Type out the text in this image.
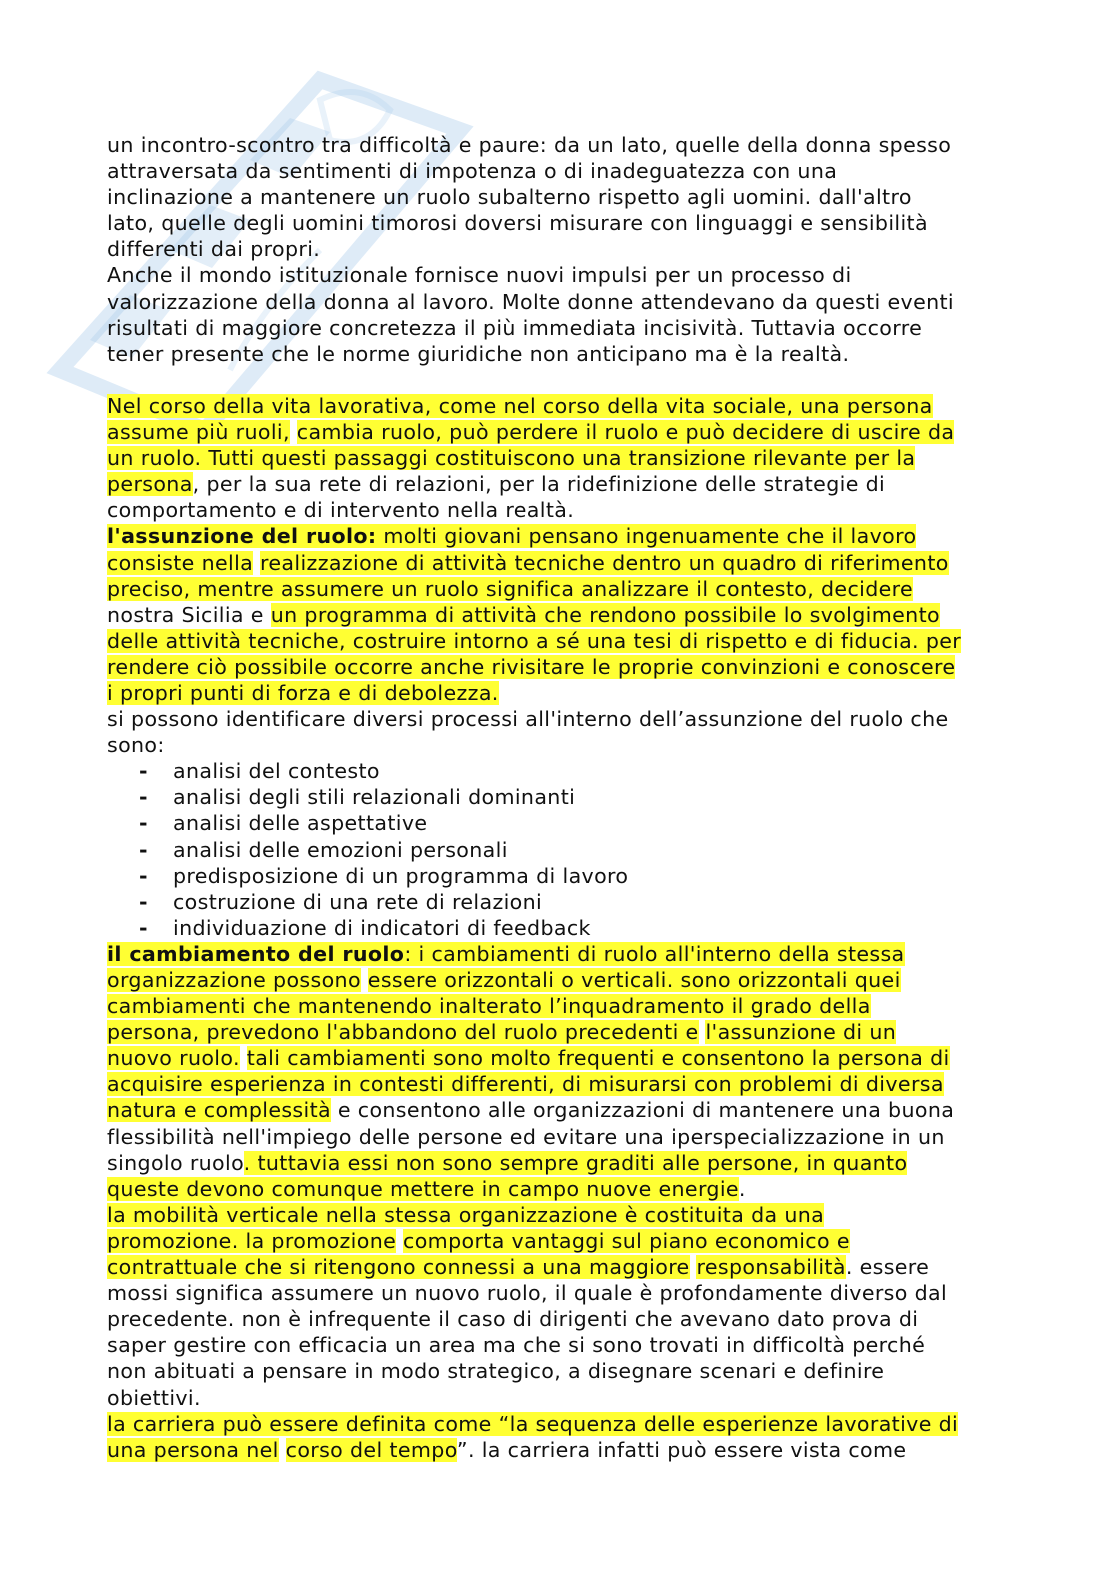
un incontro-scontro tra difficoltà e paure: da un lato, quelle della donna spesso

attraversata da sentimenti di impotenza o di inadeguatezza con una

inclinazione a mantenere un ruolo subalterno rispetto agli uomini. dall'altro

lato, quelle degli uomini timorosi doversi misurare con linguaggi e sensibilità

differenti dai propri.

Anche il mondo istituzionale fornisce nuovi impulsi per un processo di

valorizzazione della donna al lavoro. Molte donne attendevano da questi eventi

risultati di maggiore concretezza il più immediata incisività. Tuttavia occorre

tener presente che le norme giuridiche non anticipano ma è la realtà.

Nel corso della vita lavorativa, come nel corso della vita sociale, una persona

assume più ruoli, cambia ruolo, può perdere il ruolo e può decidere di uscire da

un ruolo. Tutti questi passaggi costituiscono una transizione rilevante per la

persona, per la sua rete di relazioni, per la ridefinizione delle strategie di

comportamento e di intervento nella realtà.

l'assunzione del ruolo: molti giovani pensano ingenuamente che il lavoro

consiste nella realizzazione di attività tecniche dentro un quadro di riferimento

preciso, mentre assumere un ruolo significa analizzare il contesto, decidere

nostra Sicilia e un programma di attività che rendono possibile lo svolgimento

delle attività tecniche, costruire intorno a sé una tesi di rispetto e di fiducia. per

rendere ciò possibile occorre anche rivisitare le proprie convinzioni e conoscere

i propri punti di forza e di debolezza.

si possono identificare diversi processi all'interno dell’assunzione del ruolo che

sono:

- analisi del contesto
- analisi degli stili relazionali dominanti
- analisi delle aspettative
- analisi delle emozioni personali
- predisposizione di un programma di lavoro
- costruzione di una rete di relazioni
- individuazione di indicatori di feedback

il cambiamento del ruolo: i cambiamenti di ruolo all'interno della stessa

organizzazione possono essere orizzontali o verticali. sono orizzontali quei

cambiamenti che mantenendo inalterato l’inquadramento il grado della

persona, prevedono l'abbandono del ruolo precedenti e l'assunzione di un

nuovo ruolo. tali cambiamenti sono molto frequenti e consentono la persona di

acquisire esperienza in contesti differenti, di misurarsi con problemi di diversa

natura e complessità e consentono alle organizzazioni di mantenere una buona

flessibilità nell'impiego delle persone ed evitare una iperspecializzazione in un

singolo ruolo. tuttavia essi non sono sempre graditi alle persone, in quanto

queste devono comunque mettere in campo nuove energie.

la mobilità verticale nella stessa organizzazione è costituita da una

promozione. la promozione comporta vantaggi sul piano economico e

contrattuale che si ritengono connessi a una maggiore responsabilità. essere

mossi significa assumere un nuovo ruolo, il quale è profondamente diverso dal

precedente. non è infrequente il caso di dirigenti che avevano dato prova di

saper gestire con efficacia un area ma che si sono trovati in difficoltà perché

non abituati a pensare in modo strategico, a disegnare scenari e definire

obiettivi.

la carriera può essere definita come “la sequenza delle esperienze lavorative di

una persona nel corso del tempo”. la carriera infatti può essere vista come
